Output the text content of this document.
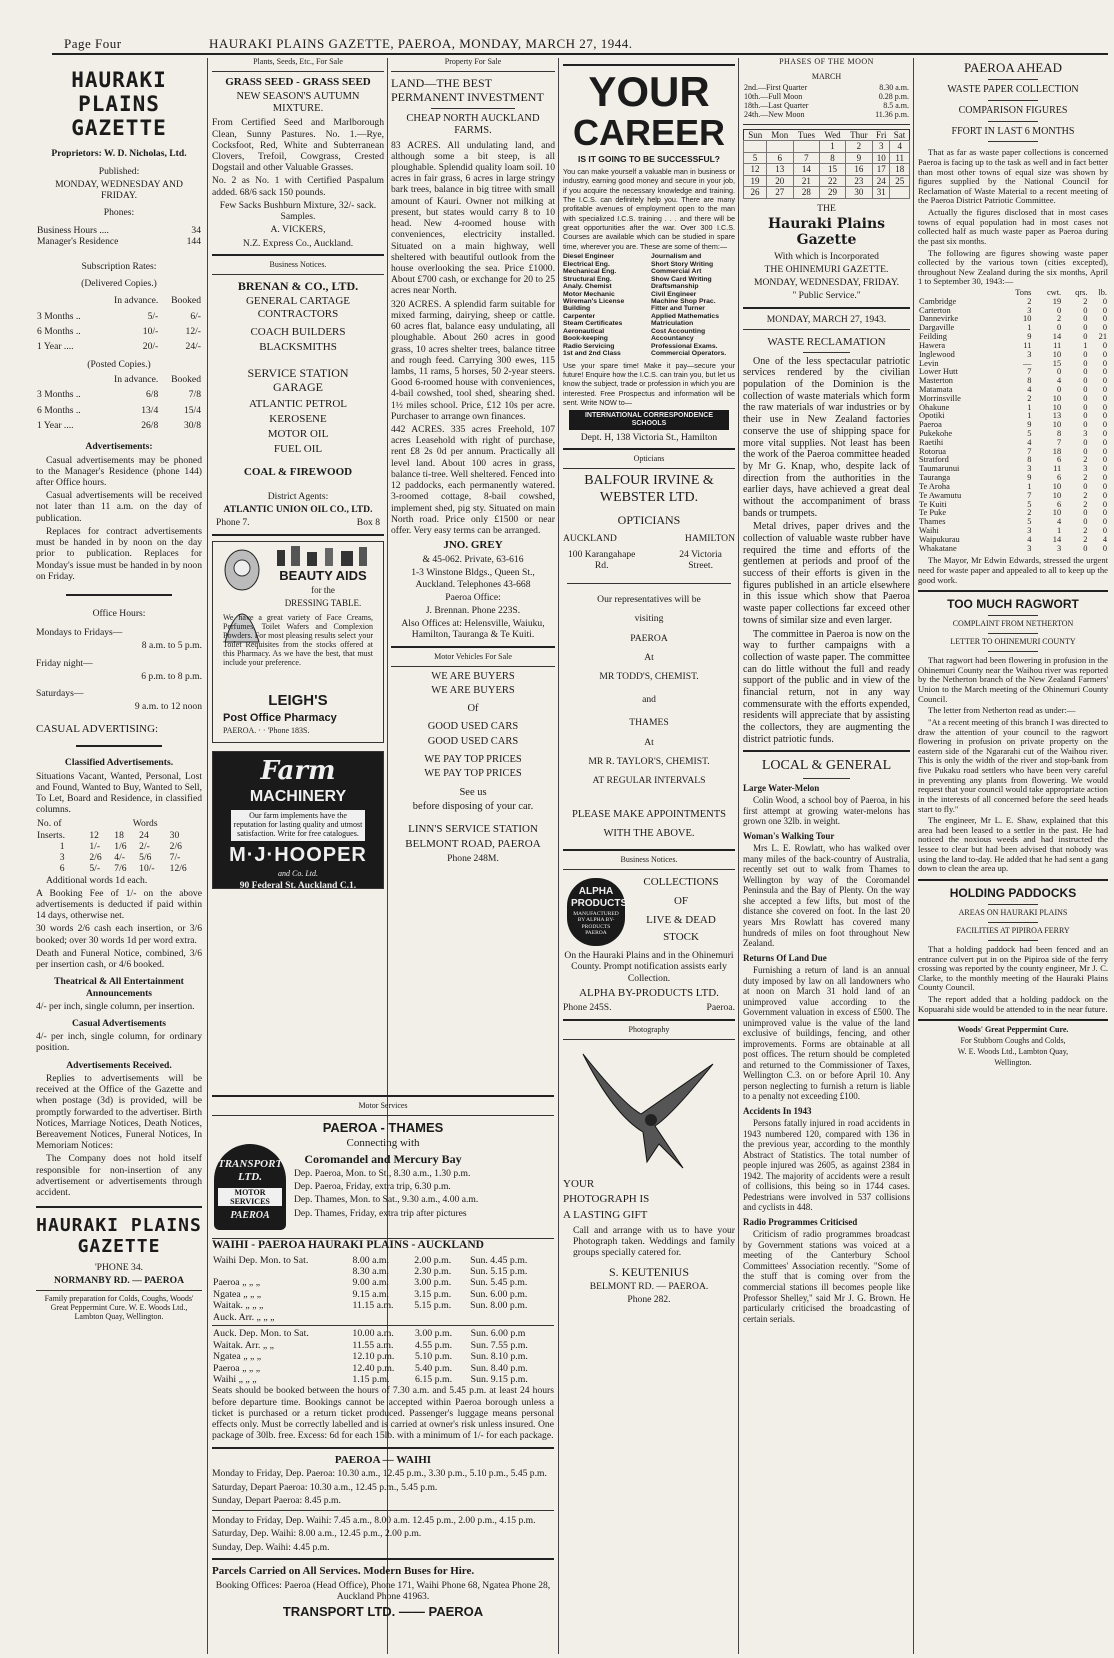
Page Four	HAURAKI PLAINS GAZETTE, PAEROA, MONDAY, MARCH 27, 1944.
HAURAKI PLAINS GAZETTE

Proprietors: W. D. Nicholas, Ltd.

Published:

MONDAY, WEDNESDAY AND FRIDAY.

Phones:

Business Hours ....	34
Manager's Residence	144

Subscription Rates:

(Delivered Copies.)

	In advance.	Booked
3 Months ..	5/-	6/-
6 Months ..	10/-	12/-
1 Year ....	20/-	24/-

(Posted Copies.)

	In advance.	Booked
3 Months ..	6/8	7/8
6 Months ..	13/4	15/4
1 Year ....	26/8	30/8

Advertisements:

Casual advertisements may be phoned to the Manager's Residence (phone 144) after Office hours.

Casual advertisements will be received not later than 11 a.m. on the day of publication.

Replaces for contract advertisements must be handed in by noon on the day prior to publication. Replaces for Monday's issue must be handed in by noon on Friday.

Office Hours:

Mondays to Fridays—

8 a.m. to 5 p.m.

Friday night—

6 p.m. to 8 p.m.

Saturdays—

9 a.m. to 12 noon

CASUAL ADVERTISING:

Classified Advertisements.

Situations Vacant, Wanted, Personal, Lost and Found, Wanted to Buy, Wanted to Sell, To Let, Board and Residence, in classified columns.

No. of	Words			
Inserts.	12	18	24	30
1	1/-	1/6	2/-	2/6
3	2/6	4/-	5/6	7/-
6	5/-	7/6	10/-	12/6

Additional words 1d each.

A Booking Fee of 1/- on the above advertisements is deducted if paid within 14 days, otherwise net.

30 words 2/6 cash each insertion, or 3/6 booked; over 30 words 1d per word extra.

Death and Funeral Notice, combined, 3/6 per insertion cash, or 4/6 booked.

Theatrical & All Entertainment Announcements

4/- per inch, single column, per insertion.

Casual Advertisements

4/- per inch, single column, for ordinary position.

Advertisements Received.

Replies to advertisements will be received at the Office of the Gazette and when postage (3d) is provided, will be promptly forwarded to the advertiser. Birth Notices, Marriage Notices, Death Notices, Bereavement Notices, Funeral Notices, In Memoriam Notices:

The Company does not hold itself responsible for non-insertion of any advertisement or advertisements through accident.

HAURAKI PLAINS GAZETTE

'PHONE 34.

NORMANBY RD. — PAEROA

Family preparation for Colds, Coughs, Woods' Great Peppermint Cure. W. E. Woods Ltd., Lambton Quay, Wellington.

Plants, Seeds, Etc., For Sale

GRASS SEED - GRASS SEED

NEW SEASON'S AUTUMN MIXTURE.

From Certified Seed and Marlborough Clean, Sunny Pastures. No. 1.—Rye, Cocksfoot, Red, White and Subterranean Clovers, Trefoil, Cowgrass, Crested Dogstail and other Valuable Grasses.

No. 2 as No. 1 with Certified Paspalum added. 68/6 sack 150 pounds.

Few Sacks Bushburn Mixture, 32/- sack. Samples.

A. VICKERS,

N.Z. Express Co., Auckland.

Business Notices.

BRENAN & CO., LTD.

GENERAL CARTAGE CONTRACTORS

COACH BUILDERS

BLACKSMITHS

SERVICE STATION GARAGE

ATLANTIC PETROL

KEROSENE

MOTOR OIL

FUEL OIL

COAL & FIREWOOD

District Agents:

ATLANTIC UNION OIL CO., LTD.

Phone 7.	Box 8

BEAUTY AIDS

for the

DRESSING TABLE.

We have a great variety of Face Creams, Perfumes, Toilet Wafers and Complexion Powders. For most pleasing results select your Toilet Requisites from the stocks offered at this Pharmacy. As we have the best, that must include your preference.

LEIGH'S

Post Office Pharmacy

PAEROA. · · 'Phone 183S.

Farm

MACHINERY

Our farm implements have the reputation for lasting quality and utmost satisfaction. Write for free catalogues.

M·J·HOOPER

and Co. Ltd.

90 Federal St. Auckland C.1.

Property For Sale

LAND—THE BEST PERMANENT INVESTMENT

CHEAP NORTH AUCKLAND FARMS.

83 ACRES. All undulating land, and although some a bit steep, is all ploughable. Splendid quality loam soil. 10 acres in fair grass, 6 acres in large stringy bark trees, balance in big titree with small amount of Kauri. Owner not milking at present, but states would carry 8 to 10 head. New 4-roomed house with conveniences, electricity installed. Situated on a main highway, well sheltered with beautiful outlook from the house overlooking the sea. Price £1000. About £700 cash, or exchange for 20 to 25 acres near North.

320 ACRES. A splendid farm suitable for mixed farming, dairying, sheep or cattle. 60 acres flat, balance easy undulating, all ploughable. About 260 acres in good grass, 10 acres shelter trees, balance titree and rough feed. Carrying 300 ewes, 115 lambs, 11 rams, 5 horses, 50 2-year steers. Good 6-roomed house with conveniences, 4-bail cowshed, tool shed, shearing shed. 1½ miles school. Price, £12 10s per acre. Purchaser to arrange own finances.

442 ACRES. 335 acres Freehold, 107 acres Leasehold with right of purchase, rent £8 2s 0d per annum. Practically all level land. About 100 acres in grass, balance ti-tree. Well sheltered. Fenced into 12 paddocks, each permanently watered. 3-roomed cottage, 8-bail cowshed, implement shed, pig sty. Situated on main North road. Price only £1500 or near offer. Very easy terms can be arranged.

JNO. GREY

& 45-062. Private, 63-616

1-3 Winstone Bldgs., Queen St., Auckland. Telephones 43-668

Paeroa Office:

J. Brennan. Phone 223S.

Also Offices at: Helensville, Waiuku, Hamilton, Tauranga & Te Kuiti.

Motor Vehicles For Sale

WE ARE BUYERS

WE ARE BUYERS

Of

GOOD USED CARS

GOOD USED CARS

WE PAY TOP PRICES

WE PAY TOP PRICES

See us

before disposing of your car.

LINN'S SERVICE STATION

BELMONT ROAD, PAEROA

Phone 248M.

Motor Services

PAEROA - THAMES

Connecting with

Coromandel and Mercury Bay

TRANSPORT LTD.

MOTOR SERVICES

PAEROA

Dep. Paeroa, Mon. to St., 8.30 a.m., 1.30 p.m.

Dep. Paeroa, Friday, extra trip, 6.30 p.m.

Dep. Thames, Mon. to Sat., 9.30 a.m., 4.00 a.m.

Dep. Thames, Friday, extra trip after pictures

WAIHI - PAEROA HAURAKI PLAINS - AUCKLAND

Waihi Dep. Mon. to Sat.	8.00 a.m.	2.00 p.m.	Sun. 4.45 p.m.
	8.30 a.m.	2.30 p.m.	Sun. 5.15 p.m.
Paeroa „ „ „	9.00 a.m.	3.00 p.m.	Sun. 5.45 p.m.
Ngatea „ „ „	9.15 a.m.	3.15 p.m.	Sun. 6.00 p.m.
Waitak. „ „ „	11.15 a.m.	5.15 p.m.	Sun. 8.00 p.m.
Auck. Arr. „ „ „			
Auck. Dep. Mon. to Sat.	10.00 a.m.	3.00 p.m.	Sun. 6.00 p.m
Waitak. Arr. „ „	11.55 a.m.	4.55 p.m.	Sun. 7.55 p.m.
Ngatea „ „ „	12.10 p.m.	5.10 p.m.	Sun. 8.10 p.m.
Paeroa „ „ „	12.40 p.m.	5.40 p.m.	Sun. 8.40 p.m.
Waihi „ „ „	1.15 p.m.	6.15 p.m.	Sun. 9.15 p.m.

Seats should be booked between the hours of 7.30 a.m. and 5.45 p.m. at least 24 hours before departure time. Bookings cannot be accepted within Paeroa borough unless a ticket is purchased or a return ticket produced. Passenger's luggage means personal effects only. Must be correctly labelled and is carried at owner's risk unless insured. One package of 30lb. free. Excess: 6d for each 15lb. with a minimum of 1/- for each package.

PAEROA — WAIHI

Monday to Friday, Dep. Paeroa: 10.30 a.m., 12.45 p.m., 3.30 p.m., 5.10 p.m., 5.45 p.m.

Saturday, Depart Paeroa: 10.30 a.m., 12.45 p.m., 5.45 p.m.

Sunday, Depart Paeroa: 8.45 p.m.

Monday to Friday, Dep. Waihi: 7.45 a.m., 8.00 a.m. 12.45 p.m., 2.00 p.m., 4.15 p.m.

Saturday, Dep. Waihi: 8.00 a.m., 12.45 p.m., 2.00 p.m.

Sunday, Dep. Waihi: 4.45 p.m.

Parcels Carried on All Services. Modern Buses for Hire.

Booking Offices: Paeroa (Head Office), Phone 171, Waihi Phone 68, Ngatea Phone 28, Auckland Phone 41963.

TRANSPORT LTD. —— PAEROA

YOUR

CAREER

IS IT GOING TO BE SUCCESSFUL?

You can make yourself a valuable man in business or industry, earning good money and secure in your job, if you acquire the necessary knowledge and training. The I.C.S. can definitely help you. There are many profitable avenues of employment open to the man with specialized I.C.S. training . . . and there will be great opportunities after the war. Over 300 I.C.S. Courses are available which can be studied in spare time, wherever you are. These are some of them:—

Diesel Engineer
Electrical Eng.
Mechanical Eng.
Structural Eng.
Analy. Chemist
Motor Mechanic
Wireman's License
Building
Carpenter
Steam Certificates
Aeronautical
Book-keeping
Radio Servicing
1st and 2nd Class
Journalism and
Short Story Writing
Commercial Art
Show Card Writing
Draftsmanship
Civil Engineer
Machine Shop Prac.
Fitter and Turner
Applied Mathematics
Matriculation
Cost Accounting
Accountancy
Professional Exams.
Commercial Operators.

Use your spare time! Make it pay—secure your future! Enquire how the I.C.S. can train you, but let us know the subject, trade or profession in which you are interested. Free Prospectus and information will be sent. Write NOW to—

INTERNATIONAL CORRESPONDENCE SCHOOLS

Dept. H, 138 Victoria St., Hamilton

Opticians

BALFOUR IRVINE & WEBSTER LTD.

OPTICIANS

AUCKLAND	HAMILTON

100 Karangahape Rd.

24 Victoria Street.

Our representatives will be

visiting

PAEROA

At

MR TODD'S, CHEMIST.

and

THAMES

At

MR R. TAYLOR'S, CHEMIST.

AT REGULAR INTERVALS

PLEASE MAKE APPOINTMENTS WITH THE ABOVE.

Business Notices.

ALPHA PRODUCTS

MANUFACTURED BY ALPHA BY-PRODUCTS PAEROA

COLLECTIONS

OF

LIVE & DEAD

STOCK

On the Hauraki Plains and in the Ohinemuri County. Prompt notification assists early Collection.

ALPHA BY-PRODUCTS LTD.

Phone 245S.	Paeroa.

Photography

YOUR PHOTOGRAPH IS A LASTING GIFT

Call and arrange with us to have your Photograph taken. Weddings and family groups specially catered for.

S. KEUTENIUS

BELMONT RD. — PAEROA.

Phone 282.

PHASES OF THE MOON

MARCH

2nd.—First Quarter	8.30 a.m.
10th.—Full Moon	0.28 p.m.
18th.—Last Quarter	8.5 a.m.
24th.—New Moon	11.36 p.m.
Sun	Mon	Tues	Wed	Thur	Fri	Sat
			1	2	3	4
5	6	7	8	9	10	11
12	13	14	15	16	17	18
19	20	21	22	23	24	25
26	27	28	29	30	31	

THE

Hauraki Plains Gazette

With which is Incorporated

THE OHINEMURI GAZETTE.

MONDAY, WEDNESDAY, FRIDAY.

" Public Service."

MONDAY, MARCH 27, 1943.

WASTE RECLAMATION

One of the less spectacular patriotic services rendered by the civilian population of the Dominion is the collection of waste materials which form the raw materials of war industries or by their use in New Zealand factories conserve the use of shipping space for more vital supplies. Not least has been the work of the Paeroa committee headed by Mr G. Knap, who, despite lack of direction from the authorities in the earlier days, have achieved a great deal without the accompaniment of brass bands or trumpets.

Metal drives, paper drives and the collection of valuable waste rubber have required the time and efforts of the gentlemen at periods and proof of the success of their efforts is given in the figures published in an article elsewhere in this issue which show that Paeroa waste paper collections far exceed other towns of similar size and even larger.

The committee in Paeroa is now on the way to further campaigns with a collection of waste paper. The committee can do little without the full and ready support of the public and in view of the financial return, not in any way commensurate with the efforts expended, residents will appreciate that by assisting the collectors, they are augmenting the district patriotic funds.

LOCAL & GENERAL

Large Water-Melon

Colin Wood, a school boy of Paeroa, in his first attempt at growing water-melons has grown one 32lb. in weight.

Woman's Walking Tour

Mrs L. E. Rowlatt, who has walked over many miles of the back-country of Australia, recently set out to walk from Thames to Wellington by way of the Coromandel Peninsula and the Bay of Plenty. On the way she accepted a few lifts, but most of the distance she covered on foot. In the last 20 years Mrs Rowlatt has covered many hundreds of miles on foot throughout New Zealand.

Returns Of Land Due

Furnishing a return of land is an annual duty imposed by law on all landowners who at noon on March 31 hold land of an unimproved value according to the Government valuation in excess of £500. The unimproved value is the value of the land exclusive of buildings, fencing, and other improvements. Forms are obtainable at all post offices. The return should be completed and returned to the Commissioner of Taxes, Wellington C.3. on or before April 10. Any person neglecting to furnish a return is liable to a penalty not exceeding £100.

Accidents In 1943

Persons fatally injured in road accidents in 1943 numbered 120, compared with 136 in the previous year, according to the monthly Abstract of Statistics. The total number of people injured was 2605, as against 2384 in 1942. The majority of accidents were a result of collisions, this being so in 1744 cases. Pedestrians were involved in 537 collisions and cyclists in 448.

Radio Programmes Criticised

Criticism of radio programmes broadcast by Government stations was voiced at a meeting of the Canterbury School Committees' Association recently. "Some of the stuff that is coming over from the commercial stations ill becomes people like Professor Shelley," said Mr J. G. Brown. He particularly criticised the broadcasting of certain serials.

PAEROA AHEAD

WASTE PAPER COLLECTION

COMPARISON FIGURES

FFORT IN LAST 6 MONTHS

That as far as waste paper collections is concerned Paeroa is facing up to the task as well and in fact better than most other towns of equal size was shown by figures supplied by the National Council for Reclamation of Waste Material to a recent meeting of the Paeroa District Patriotic Committee.

Actually the figures disclosed that in most cases towns of equal population had in most cases not collected half as much waste paper as Paeroa during the past six months.

The following are figures showing waste paper collected by the various town (cities excepted), throughout New Zealand during the six months, April 1 to September 30, 1943:—

	Tons	cwt.	qrs.	lb.
Cambridge	2	19	2	0
Carterton	3	0	0	0
Dannevirke	10	2	0	0
Dargaville	1	0	0	0
Feilding	9	14	0	21
Hawera	11	11	1	0
Inglewood	3	10	0	0
Levin	—	15	0	0
Lower Hutt	7	0	0	0
Masterton	8	4	0	0
Matamata	4	0	0	0
Morrinsville	2	10	0	0
Ohakune	1	10	0	0
Opotiki	1	13	0	0
Paeroa	9	10	0	0
Pukekohe	5	8	3	0
Raetihi	4	7	0	0
Rotorua	7	18	0	0
Stratford	8	6	2	0
Taumarunui	3	11	3	0
Tauranga	9	6	2	0
Te Aroha	1	10	0	0
Te Awamutu	7	10	2	0
Te Kuiti	5	6	2	0
Te Puke	2	10	0	0
Thames	5	4	0	0
Waihi	3	1	2	0
Waipukurau	4	14	2	4
Whakatane	3	3	0	0

The Mayor, Mr Edwin Edwards, stressed the urgent need for waste paper and appealed to all to keep up the good work.

TOO MUCH RAGWORT

COMPLAINT FROM NETHERTON

LETTER TO OHINEMURI COUNTY

That ragwort had been flowering in profusion in the Ohinemuri County near the Waihou river was reported by the Netherton branch of the New Zealand Farmers' Union to the March meeting of the Ohinemuri County Council.

The letter from Netherton read as under:—

"At a recent meeting of this branch I was directed to draw the attention of your council to the ragwort flowering in profusion on private property on the eastern side of the Ngararahi cut of the Waihou river. This is only the width of the river and stop-bank from five Pukaku road settlers who have been very careful in preventing any plants from flowering. We would request that your council would take appropriate action in the interests of all concerned before the seed heads start to fly."

The engineer, Mr L. E. Shaw, explained that this area had been leased to a settler in the past. He had noticed the noxious weeds and had instructed the lessee to clear but had been advised that nobody was using the land to-day. He added that he had sent a gang down to clean the area up.

HOLDING PADDOCKS

AREAS ON HAURAKI PLAINS

FACILITIES AT PIPIROA FERRY

That a holding paddock had been fenced and an entrance culvert put in on the Pipiroa side of the ferry crossing was reported by the county engineer, Mr J. C. Clarke, to the monthly meeting of the Hauraki Plains County Council.

The report added that a holding paddock on the Kopuarahi side would be attended to in the near future.

Woods' Great Peppermint Cure.

For Stubborn Coughs and Colds,

W. E. Woods Ltd., Lambton Quay,

Wellington.
